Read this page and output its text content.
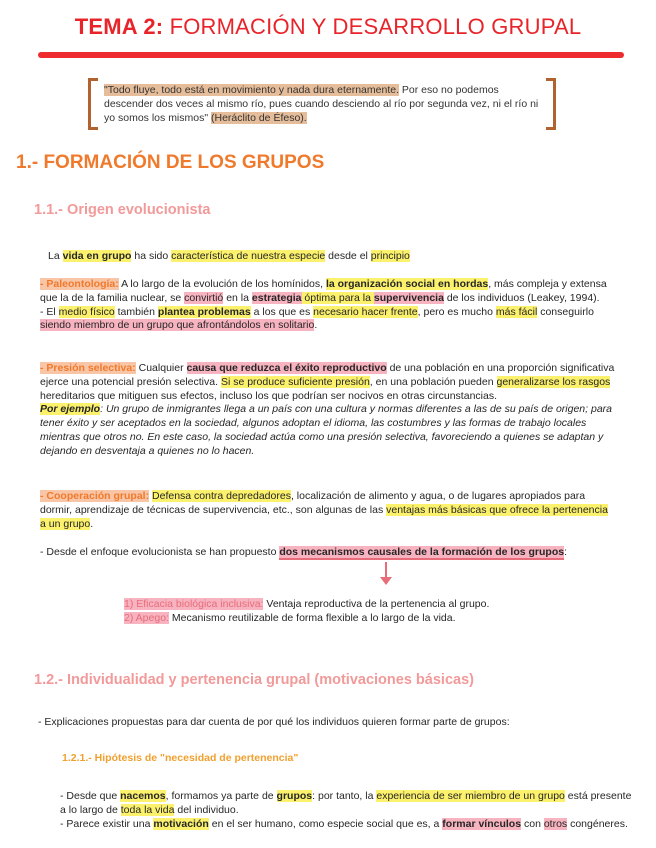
TEMA 2: FORMACIÓN Y DESARROLLO GRUPAL
"Todo fluye, todo está en movimiento y nada dura eternamente. Por eso no podemos descender dos veces al mismo río, pues cuando desciendo al río por segunda vez, ni el río ni yo somos los mismos" (Heráclito de Éfeso).
1.- FORMACIÓN DE LOS GRUPOS
1.1.- Origen evolucionista
La vida en grupo ha sido característica de nuestra especie desde el principio
- Paleontología: A lo largo de la evolución de los homínidos, la organización social en hordas, más compleja y extensa que la de la familia nuclear, se convirtió en la estrategia óptima para la supervivencia de los individuos (Leakey, 1994).
- El medio físico también plantea problemas a los que es necesario hacer frente, pero es mucho más fácil conseguirlo siendo miembro de un grupo que afrontándolos en solitario.
- Presión selectiva: Cualquier causa que reduzca el éxito reproductivo de una población en una proporción significativa ejerce una potencial presión selectiva. Si se produce suficiente presión, en una población pueden generalizarse los rasgos hereditarios que mitiguen sus efectos, incluso los que podrían ser nocivos en otras circunstancias.
Por ejemplo: Un grupo de inmigrantes llega a un país con una cultura y normas diferentes a las de su país de origen; para tener éxito y ser aceptados en la sociedad, algunos adoptan el idioma, las costumbres y las formas de trabajo locales mientras que otros no. En este caso, la sociedad actúa como una presión selectiva, favoreciendo a quienes se adaptan y dejando en desventaja a quienes no lo hacen.
- Cooperación grupal: Defensa contra depredadores, localización de alimento y agua, o de lugares apropiados para dormir, aprendizaje de técnicas de supervivencia, etc., son algunas de las ventajas más básicas que ofrece la pertenencia a un grupo.
- Desde el enfoque evolucionista se han propuesto dos mecanismos causales de la formación de los grupos:
1) Eficacia biológica inclusiva: Ventaja reproductiva de la pertenencia al grupo.
2) Apego: Mecanismo reutilizable de forma flexible a lo largo de la vida.
1.2.- Individualidad y pertenencia grupal (motivaciones básicas)
- Explicaciones propuestas para dar cuenta de por qué los individuos quieren formar parte de grupos:
1.2.1.- Hipótesis de "necesidad de pertenencia"
- Desde que nacemos, formamos ya parte de grupos: por tanto, la experiencia de ser miembro de un grupo está presente a lo largo de toda la vida del individuo.
- Parece existir una motivación en el ser humano, como especie social que es, a formar vínculos con otros congéneres.
